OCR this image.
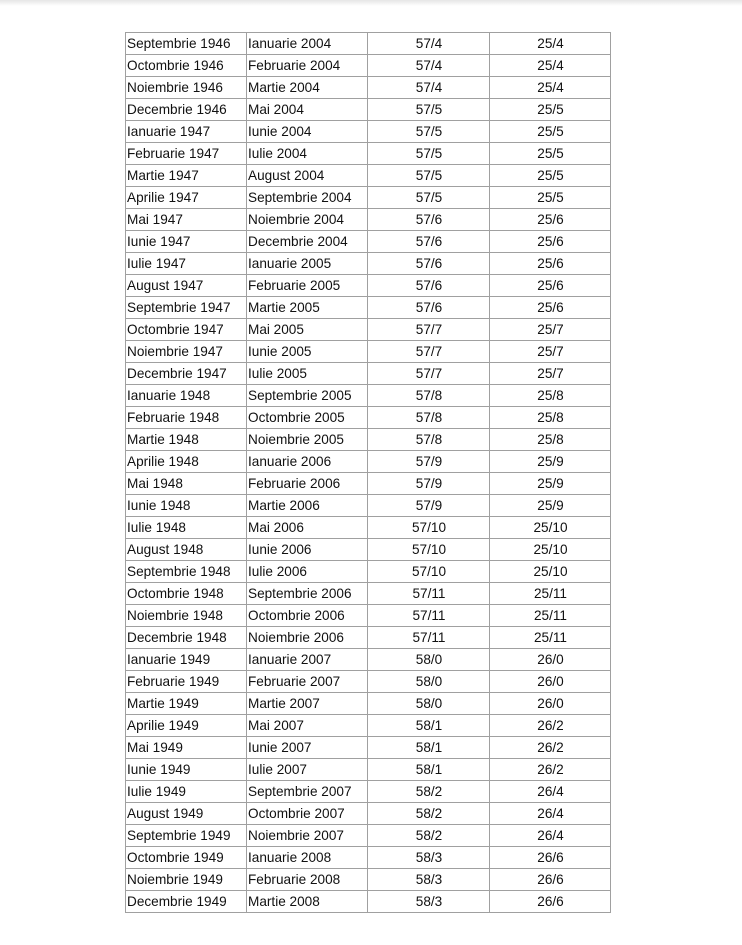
Septembrie 1946	Ianuarie 2004	57/4	25/4
Octombrie 1946	Februarie 2004	57/4	25/4
Noiembrie 1946	Martie 2004	57/4	25/4
Decembrie 1946	Mai 2004	57/5	25/5
Ianuarie 1947	Iunie 2004	57/5	25/5
Februarie 1947	Iulie 2004	57/5	25/5
Martie 1947	August 2004	57/5	25/5
Aprilie 1947	Septembrie 2004	57/5	25/5
Mai 1947	Noiembrie 2004	57/6	25/6
Iunie 1947	Decembrie 2004	57/6	25/6
Iulie 1947	Ianuarie 2005	57/6	25/6
August 1947	Februarie 2005	57/6	25/6
Septembrie 1947	Martie 2005	57/6	25/6
Octombrie 1947	Mai 2005	57/7	25/7
Noiembrie 1947	Iunie 2005	57/7	25/7
Decembrie 1947	Iulie 2005	57/7	25/7
Ianuarie 1948	Septembrie 2005	57/8	25/8
Februarie 1948	Octombrie 2005	57/8	25/8
Martie 1948	Noiembrie 2005	57/8	25/8
Aprilie 1948	Ianuarie 2006	57/9	25/9
Mai 1948	Februarie 2006	57/9	25/9
Iunie 1948	Martie 2006	57/9	25/9
Iulie 1948	Mai 2006	57/10	25/10
August 1948	Iunie 2006	57/10	25/10
Septembrie 1948	Iulie 2006	57/10	25/10
Octombrie 1948	Septembrie 2006	57/11	25/11
Noiembrie 1948	Octombrie 2006	57/11	25/11
Decembrie 1948	Noiembrie 2006	57/11	25/11
Ianuarie 1949	Ianuarie 2007	58/0	26/0
Februarie 1949	Februarie 2007	58/0	26/0
Martie 1949	Martie 2007	58/0	26/0
Aprilie 1949	Mai 2007	58/1	26/2
Mai 1949	Iunie 2007	58/1	26/2
Iunie 1949	Iulie 2007	58/1	26/2
Iulie 1949	Septembrie 2007	58/2	26/4
August 1949	Octombrie 2007	58/2	26/4
Septembrie 1949	Noiembrie 2007	58/2	26/4
Octombrie 1949	Ianuarie 2008	58/3	26/6
Noiembrie 1949	Februarie 2008	58/3	26/6
Decembrie 1949	Martie 2008	58/3	26/6
